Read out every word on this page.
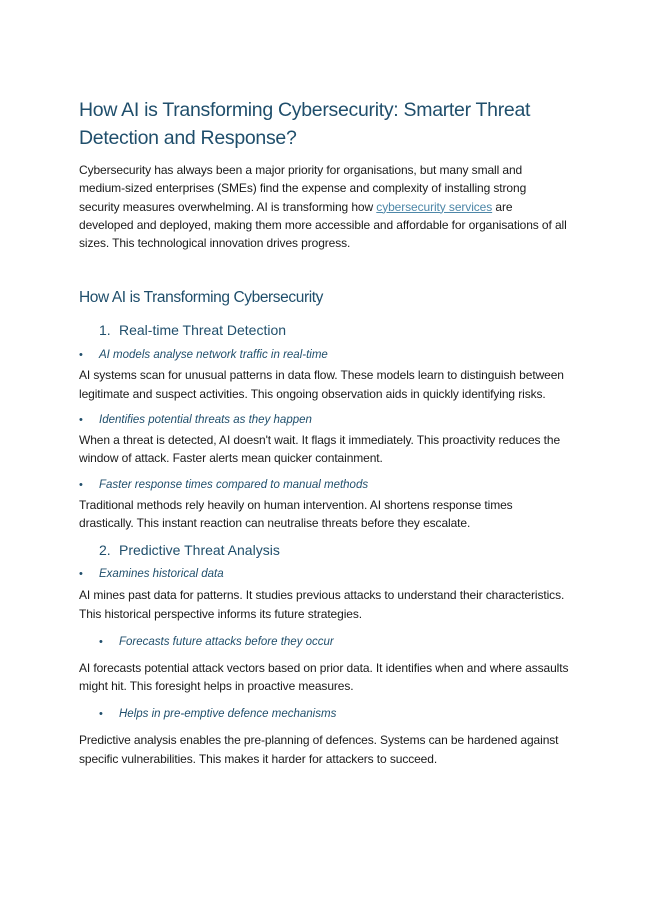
How AI is Transforming Cybersecurity: Smarter Threat Detection and Response?

Cybersecurity has always been a major priority for organisations, but many small and medium-sized enterprises (SMEs) find the expense and complexity of installing strong security measures overwhelming. AI is transforming how cybersecurity services are developed and deployed, making them more accessible and affordable for organisations of all sizes. This technological innovation drives progress.

How AI is Transforming Cybersecurity
1. Real-time Threat Detection

• AI models analyse network traffic in real-time

AI systems scan for unusual patterns in data flow. These models learn to distinguish between legitimate and suspect activities. This ongoing observation aids in quickly identifying risks.

• Identifies potential threats as they happen

When a threat is detected, AI doesn't wait. It flags it immediately. This proactivity reduces the window of attack. Faster alerts mean quicker containment.

• Faster response times compared to manual methods

Traditional methods rely heavily on human intervention. AI shortens response times drastically. This instant reaction can neutralise threats before they escalate.

2. Predictive Threat Analysis

• Examines historical data

AI mines past data for patterns. It studies previous attacks to understand their characteristics. This historical perspective informs its future strategies.

• Forecasts future attacks before they occur

AI forecasts potential attack vectors based on prior data. It identifies when and where assaults might hit. This foresight helps in proactive measures.

• Helps in pre-emptive defence mechanisms

Predictive analysis enables the pre-planning of defences. Systems can be hardened against specific vulnerabilities. This makes it harder for attackers to succeed.
